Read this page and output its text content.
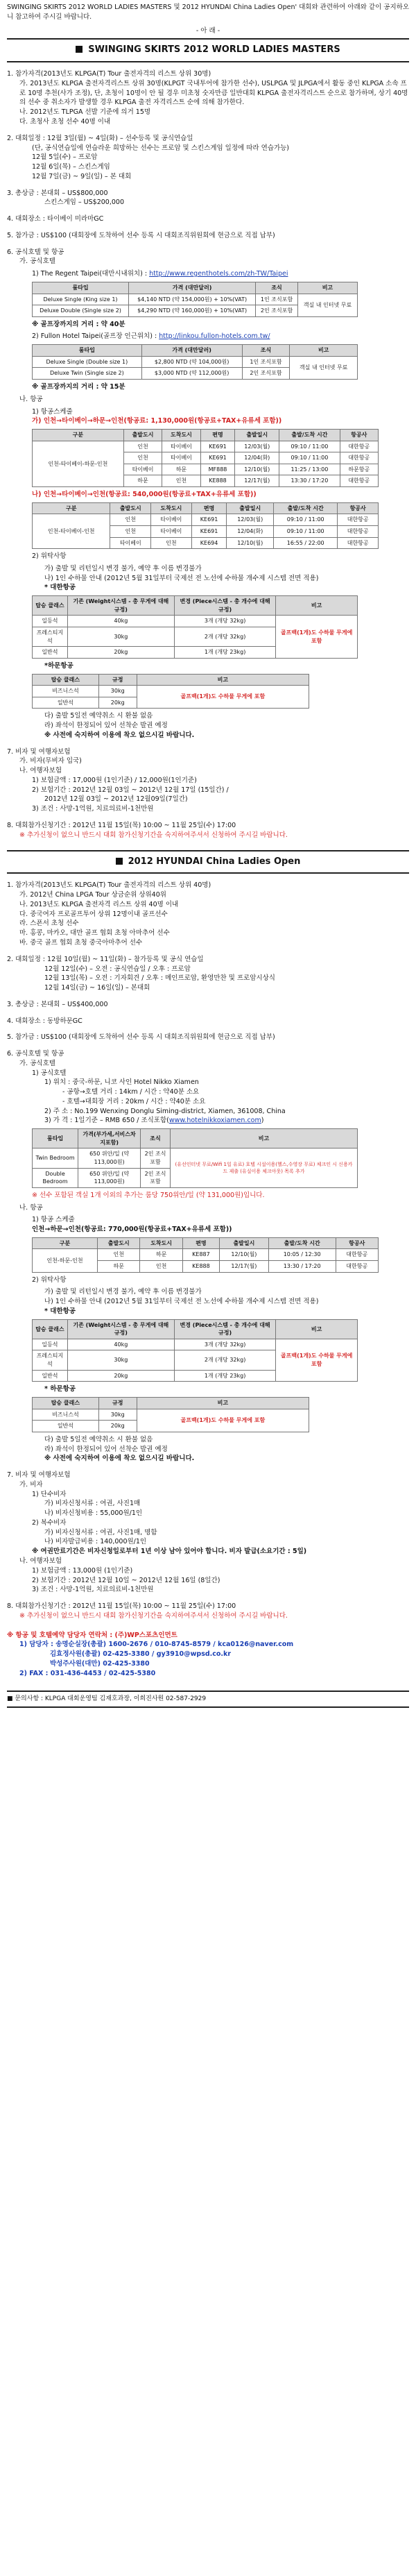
SWINGING SKIRTS 2012 WORLD LADIES MASTERS 및 2012 HYUNDAI China Ladies Open' 대회와 관련하여 아래와 같이 공지하오니 참고하여 주시길 바랍니다.
- 아 래 -
SWINGING SKIRTS 2012 WORLD LADIES MASTERS
1. 참가자격(2013년도 KLPGA(T) Tour 출전자격의 리스트 상위 30명)
가. 2013년도 KLPGA 출전자격리스트 상위 30명(KLPGT 국내투어에 참가한 선수), USLPGA 및 JLPGA에서 활동 중인 KLPGA 소속 프로 10명 추천(사가 조정), 단, 초청이 10명이 안 될 경우 미초청 숫자만큼 일반대회 KLPGA 출전자격리스트 순으로 참가하며, 상기 40명의 선수 중 취소자가 발생할 경우 KLPGA 출전 자격리스트 순에 의해 참가한다.
나. 2012년도 TLPGA 선발 기준에 의거 15명
다. 초청사 초청 선수 40명 이내
2. 대회일정 : 12월 3일(월) ~ 4일(화) – 선수등록 및 공식연습일
(단, 공식연습일에 연습라운 희망하는 선수는 프로암 및 스킨스게임 일정에 따라 연습가능)
12월 5일(수) – 프로암
12월 6일(목) – 스킨스게임
12월 7일(금) ~ 9일(일) – 본 대회
3. 총상금 : 본대회 – US$800,000
스킨스게임 – US$200,000
4. 대회장소 : 타이베이 미라마GC
5. 참가금 : US$100 (대회장에 도착하여 선수 등록 시 대회조직위원회에 현금으로 직접 납부)
6. 공식호텔 및 항공
가. 공식호텔
1) The Regent Taipei(대만시내위치) : http://www.regenthotels.com/zh-TW/Taipei
룸타입	가격 (대만달러)	조식	비고
Deluxe Single (King size 1)	$4,140 NTD (약 154,000원) + 10%(VAT)	1인 조식포함	객실 내 인터넷 무료
Deluxe Double (Single size 2)	$4,290 NTD (약 160,000원) + 10%(VAT)	2인 조식포함	
※ 골프장까지의 거리 : 약 40분
2) Fullon Hotel Taipei(골프장 인근위치) : http://linkou.fullon-hotels.com.tw/
룸타입	가격 (대만달러)	조식	비고
Deluxe Single (Double size 1)	$2,800 NTD (약 104,000원)	1인 조식포함	객실 내 인터넷 무료
Deluxe Twin (Single size 2)	$3,000 NTD (약 112,000원)	2인 조식포함	
※ 골프장까지의 거리 : 약 15분
나. 항공
1) 항공스케줄
가) 인천→타이베이→하문→인천(항공료: 1,130,000원(항공료+TAX+유류세 포함))
구분	출발도시	도착도시	편명	출발일시	출발/도착 시간	항공사
인천-타이베이-하문-인천	인천	타이베이	KE691	12/03(월)	09:10 / 11:00	대한항공
	인천	타이베이	KE691	12/04(화)	09:10 / 11:00	대한항공
	타이베이	하문	MF888	12/10(월)	11:25 / 13:00	하문항공
	하문	인천	KE888	12/17(월)	13:30 / 17:20	대한항공
나) 인천→타이베이→인천(항공료: 540,000원(항공료+TAX+유류세 포함))
구분	출발도시	도착도시	편명	출발일시	출발/도착 시간	항공사
인천-타이베이-인천	인천	타이베이	KE691	12/03(월)	09:10 / 11:00	대한항공
	인천	타이베이	KE691	12/04(화)	09:10 / 11:00	대한항공
	타이베이	인천	KE694	12/10(월)	16:55 / 22:00	대한항공
2) 위탁사항
가) 출발 및 리턴일시 변경 불가, 예약 후 이름 변경불가
나) 1인 수하물 안내 (2012년 5월 31일부터 국제선 전 노선에 수하물 개수제 시스템 전면 적용)
* 대한항공
탑승 클래스	기존 (Weight시스템 - 총 무게에 대해 규정)	변경 (Piece시스템 - 총 개수에 대해 규정)	비고
일등석	40kg	3개 (개당 32kg)	골프백(1개)도 수하물 무게에 포함
프레스티지석	30kg	2개 (개당 32kg)	
일반석	20kg	1개 (개당 23kg)	
*하문항공
탑승 클래스	규정	비고
비즈니스석	30kg	골프백(1개)도 수하물 무게에 포함
일반석	20kg	
다) 출발 5일전 예약취소 시 환불 없음
라) 좌석이 한정되어 있어 선착순 발권 예정
※ 사전에 숙지하여 이용에 착오 없으시길 바랍니다.
7. 비자 및 여행자보험
가. 비자(무비자 입국)
나. 여행자보험
1) 보험금액 : 17,000원 (1인기준) / 12,000원(1인기준)
2) 보험기간 : 2012년 12월 03일 ~ 2012년 12월 17일 (15일간) /
2012년 12월 03일 ~ 2012년 12월09일(7일간)
3) 조건 : 사망-1억원, 치료의료비-1천만원
8. 대회참가신청기간 : 2012년 11월 15일(목) 10:00 ~ 11월 25일(수) 17:00
※ 추가신청이 없으니 반드시 대회 참가신청기간을 숙지하여주셔서 신청하여 주시길 바랍니다.
2012 HYUNDAI China Ladies Open
1. 참가자격(2013년도 KLPGA(T) Tour 출전자격의 리스트 상위 40명)
가. 2012년 China LPGA Tour 상금순위 상위40위
나. 2013년도 KLPGA 출전자격 리스트 상위 40명 이내
다. 중국여자 프로골프투어 상위 12명이내 골프선수
라. 스폰서 초청 선수
마. 홍콩, 마카오, 대만 골프 협회 초청 아마추어 선수
바. 중국 골프 협회 초청 중국아마추어 선수
2. 대회일정 : 12월 10일(월) ~ 11일(화) – 참가등록 및 공식 연습일
12월 12일(수) – 오전 : 공식연습일 / 오후 : 프로암
12월 13일(목) – 오전 : 기자회견 / 오후 : 메인프로암, 환영만찬 및 프로암시상식
12월 14일(금) ~ 16일(일) – 본대회
3. 총상금 : 본대회 – US$400,000
4. 대회장소 : 동방하문GC
5. 참가금 : US$100 (대회장에 도착하여 선수 등록 시 대회조직위원회에 현금으로 직접 납부)
6. 공식호텔 및 항공
가. 공식호텔
1) 공식호텔
1) 위치 : 중국-하문, 니코 사인 Hotel Nikko Xiamen
- 공항→호텔 거리 : 14km / 시간 : 약40분 소요
- 호텔→대회장 거리 : 20km / 시간 : 약40분 소요
2) 주 소 : No.199 Wenxing Donglu Siming-district, Xiamen, 361008, China
3) 가 격 : 1일기준 – RMB 650 / 조식포함(www.hotelnikkoxiamen.com)
룸타입	가격(부가세,서비스차지포함)	조식	비고
Twin Bedroom	650 위안/일 (약 113,000원)	2인 조식포함	(유선인터넷 무료/Wifi 1일 유료) 호텔 시설이용(헬스,수영장 무료) 체크인 시 신용카드 제출 (유실이용 체크아웃) 목록 추가
Double Bedroom	650 위안/일 (약 113,000원)	2인 조식포함	
※ 선수 포함된 객실 1개 이외의 추가는 룸당 750위안/일 (약 131,000원)입니다.
나. 항공
1) 항공 스케줄
인천→하문→인천(항공료: 770,000원(항공료+TAX+유류세 포함))
구분	출발도시	도착도시	편명	출발일시	출발/도착 시간	항공사
인천-하문-인천	인천	하문	KE887	12/10(월)	10:05 / 12:30	대한항공
	하문	인천	KE888	12/17(월)	13:30 / 17:20	대한항공
2) 위탁사항
가) 출발 및 리턴일시 변경 불가, 예약 후 이름 변경불가
나) 1인 수하물 안내 (2012년 5월 31일부터 국제선 전 노선에 수하물 개수제 시스템 전면 적용)
* 대한항공
탑승 클래스	기존 (Weight시스템 - 총 무게에 대해 규정)	변경 (Piece시스템 - 총 개수에 대해 규정)	비고
일등석	40kg	3개 (개당 32kg)	골프백(1개)도 수하물 무게에 포함
프레스티지석	30kg	2개 (개당 32kg)	
일반석	20kg	1개 (개당 23kg)	
* 하문항공
탑승 클래스	규정	비고
비즈니스석	30kg	골프백(1개)도 수하물 무게에 포함
일반석	20kg	
다) 출발 5일전 예약취소 시 환불 없음
라) 좌석이 한정되어 있어 선착순 발권 예정
※ 사전에 숙지하여 이용에 착오 없으시길 바랍니다.
7. 비자 및 여행자보험
가. 비자
1) 단수비자
가) 비자신청서류 : 여권, 사진1매
나) 비자신청비용 : 55,000원/1인
2) 복수비자
가) 비자신청서류 : 여권, 사진1매, 명함
나) 비자발급비용 : 140,000원/1인
※ 여권만료기간은 비자신청일로부터 1년 이상 남아 있어야 합니다. 비자 발급(소요기간 : 5일)
나. 여행자보험
1) 보험금액 : 13,000원 (1인기준)
2) 보험기간 : 2012년 12월 10일 ~ 2012년 12월 16일 (8일간)
3) 조건 : 사망-1억원, 치료의료비-1천만원
8. 대회참가신청기간 : 2012년 11월 15일(목) 10:00 ~ 11월 25일(수) 17:00
※ 추가신청이 없으니 반드시 대회 참가신청기간을 숙지하여주셔서 신청하여 주시길 바랍니다.
※ 항공 및 호텔예약 담당자 연락처 : (주)WP스포츠인먼트
1) 담당자 : 송명순실장(총괄) 1600-2676 / 010-8745-8579 / kca0126@naver.com
김효정사원(총괄) 02-425-3380 / gy3910@wpsd.co.kr
박성주사원(대만) 02-425-3380
2) FAX : 031-436-4453 / 02-425-5380
■ 문의사항 : KLPGA 대회운영팀 김재호과장, 이희진사원 02-587-2929
